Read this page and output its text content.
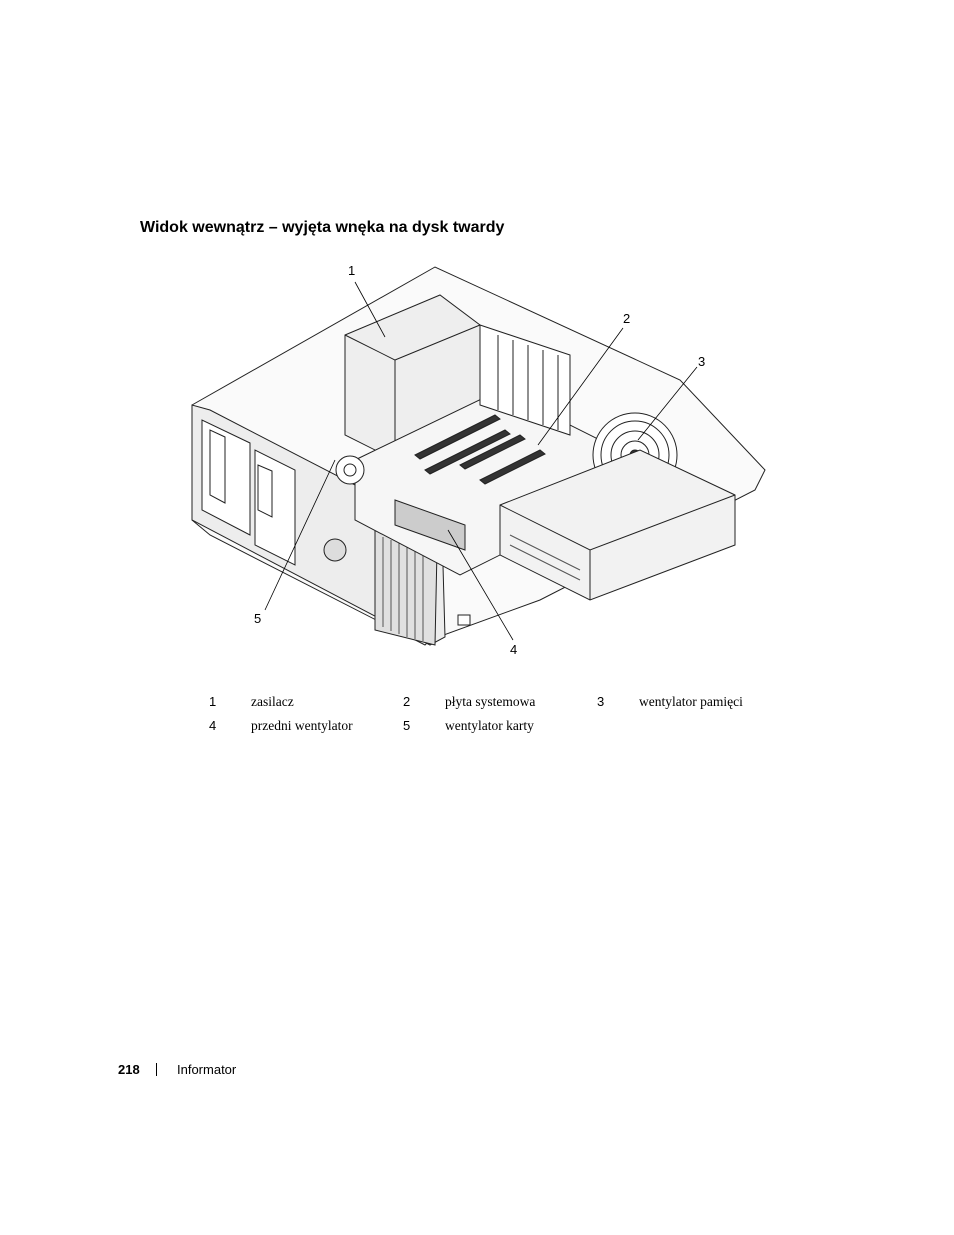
Widok wewnątrz – wyjęta wnęka na dysk twardy
1
2
3
4
5
1	zasilacz	2	płyta systemowa	3	wentylator pamięci
4	przedni wentylator	5	wentylator karty		
218	Informator
